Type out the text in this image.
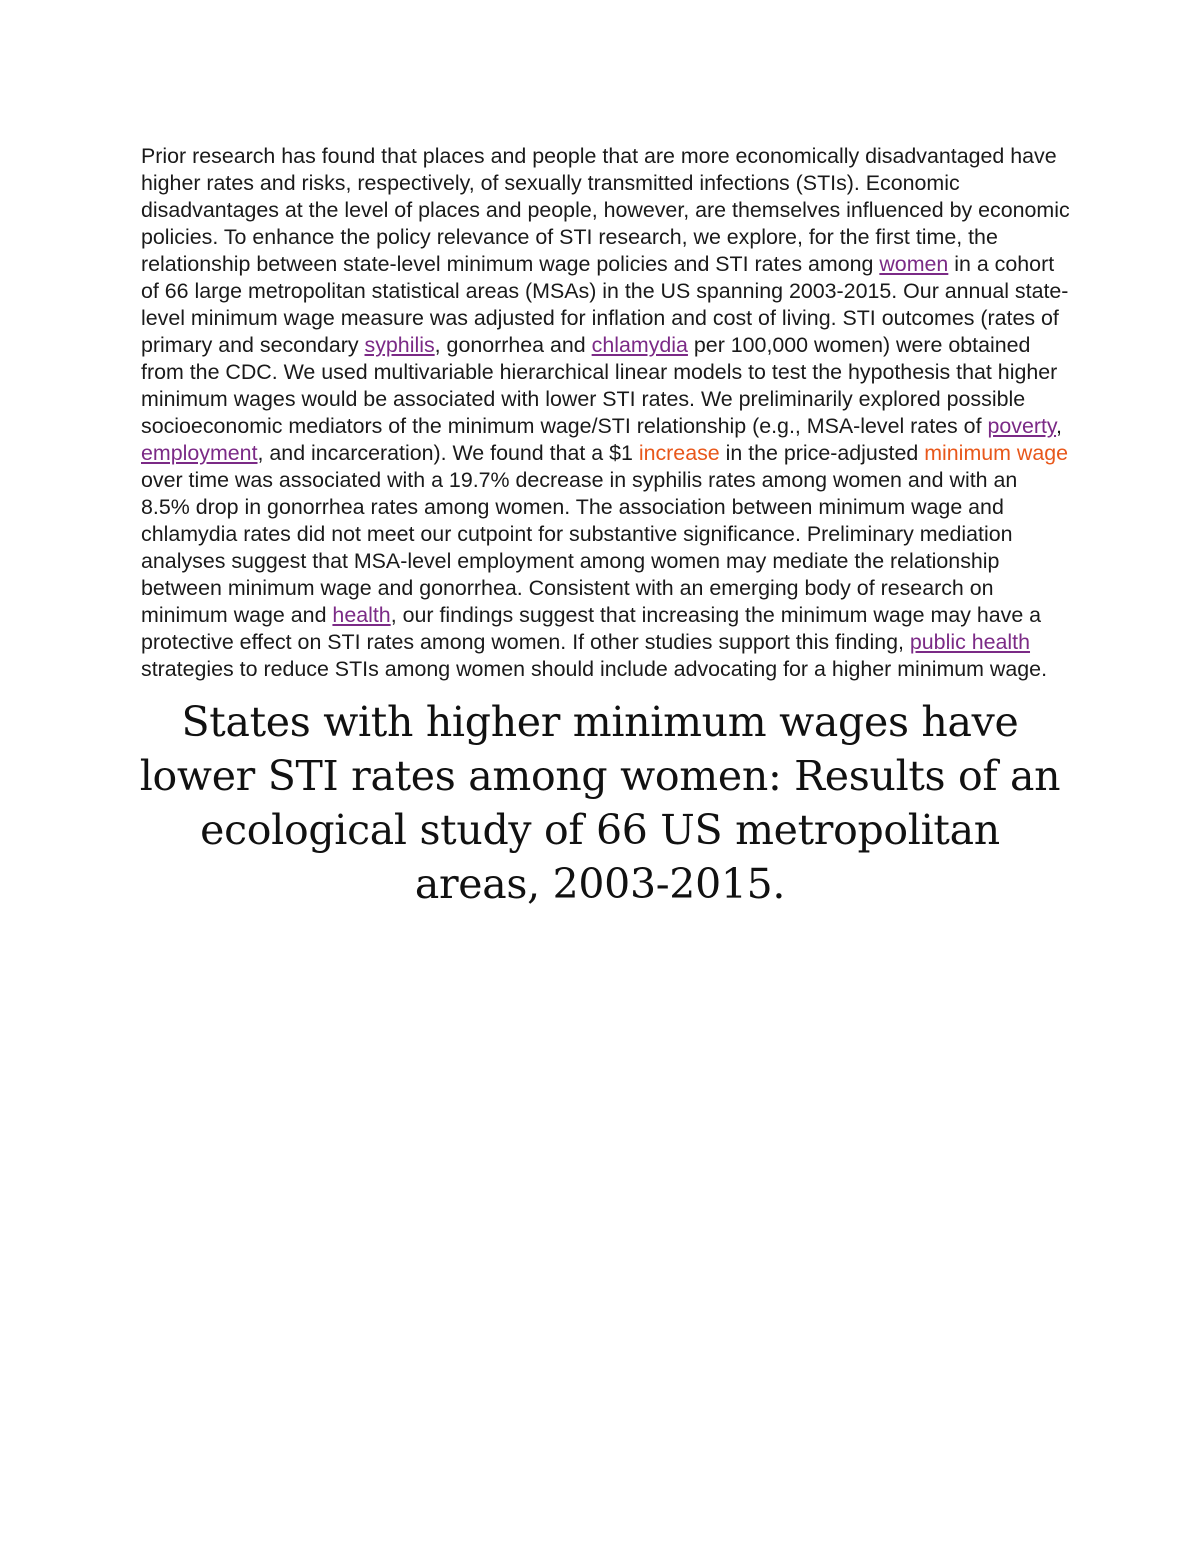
Prior research has found that places and people that are more economically disadvantaged have higher rates and risks, respectively, of sexually transmitted infections (STIs). Economic disadvantages at the level of places and people, however, are themselves influenced by economic policies. To enhance the policy relevance of STI research, we explore, for the first time, the relationship between state-level minimum wage policies and STI rates among women in a cohort of 66 large metropolitan statistical areas (MSAs) in the US spanning 2003-2015. Our annual state-level minimum wage measure was adjusted for inflation and cost of living. STI outcomes (rates of primary and secondary syphilis, gonorrhea and chlamydia per 100,000 women) were obtained from the CDC. We used multivariable hierarchical linear models to test the hypothesis that higher minimum wages would be associated with lower STI rates. We preliminarily explored possible socioeconomic mediators of the minimum wage/STI relationship (e.g., MSA-level rates of poverty, employment, and incarceration). We found that a $1 increase in the price-adjusted minimum wage over time was associated with a 19.7% decrease in syphilis rates among women and with an 8.5% drop in gonorrhea rates among women. The association between minimum wage and chlamydia rates did not meet our cutpoint for substantive significance. Preliminary mediation analyses suggest that MSA-level employment among women may mediate the relationship between minimum wage and gonorrhea. Consistent with an emerging body of research on minimum wage and health, our findings suggest that increasing the minimum wage may have a protective effect on STI rates among women. If other studies support this finding, public health strategies to reduce STIs among women should include advocating for a higher minimum wage.

States with higher minimum wages have lower STI rates among women: Results of an ecological study of 66 US metropolitan areas, 2003-2015.
